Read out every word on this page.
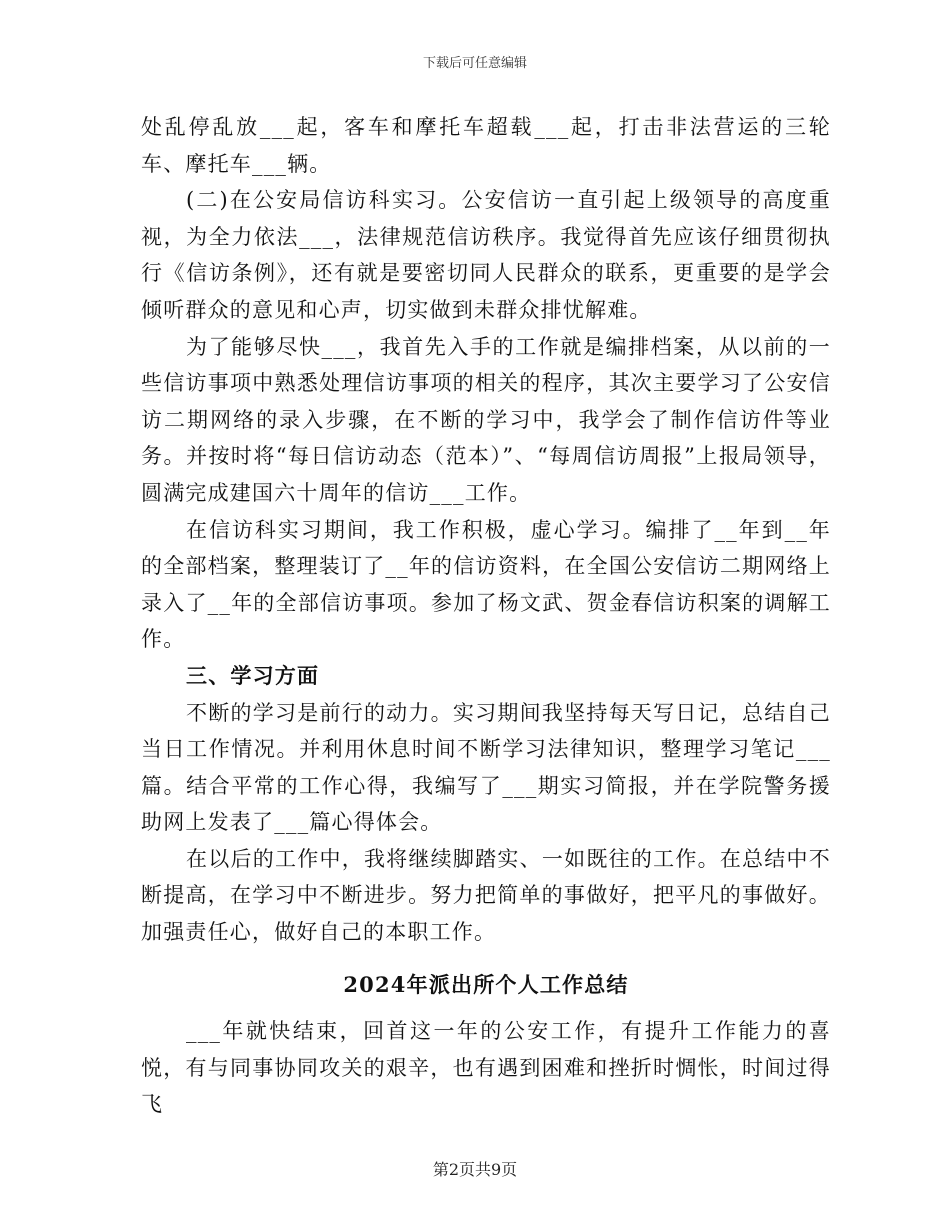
下载后可任意编辑

处乱停乱放___起，客车和摩托车超载___起，打击非法营运的三轮车、摩托车___辆。

(二)在公安局信访科实习。公安信访一直引起上级领导的高度重视，为全力依法___，法律规范信访秩序。我觉得首先应该仔细贯彻执行《信访条例》，还有就是要密切同人民群众的联系，更重要的是学会倾听群众的意见和心声，切实做到未群众排忧解难。

为了能够尽快___，我首先入手的工作就是编排档案，从以前的一些信访事项中熟悉处理信访事项的相关的程序，其次主要学习了公安信访二期网络的录入步骤，在不断的学习中，我学会了制作信访件等业务。并按时将“每日信访动态（范本）”、“每周信访周报”上报局领导，圆满完成建国六十周年的信访___工作。

在信访科实习期间，我工作积极，虚心学习。编排了__年到__年的全部档案，整理装订了__年的信访资料，在全国公安信访二期网络上录入了__年的全部信访事项。参加了杨文武、贺金春信访积案的调解工作。

三、学习方面

不断的学习是前行的动力。实习期间我坚持每天写日记，总结自己当日工作情况。并利用休息时间不断学习法律知识，整理学习笔记___篇。结合平常的工作心得，我编写了___期实习简报，并在学院警务援助网上发表了___篇心得体会。

在以后的工作中，我将继续脚踏实、一如既往的工作。在总结中不断提高，在学习中不断进步。努力把简单的事做好，把平凡的事做好。加强责任心，做好自己的本职工作。

2024年派出所个人工作总结

___年就快结束，回首这一年的公安工作，有提升工作能力的喜悦，有与同事协同攻关的艰辛，也有遇到困难和挫折时惆怅，时间过得飞

第2页共9页
